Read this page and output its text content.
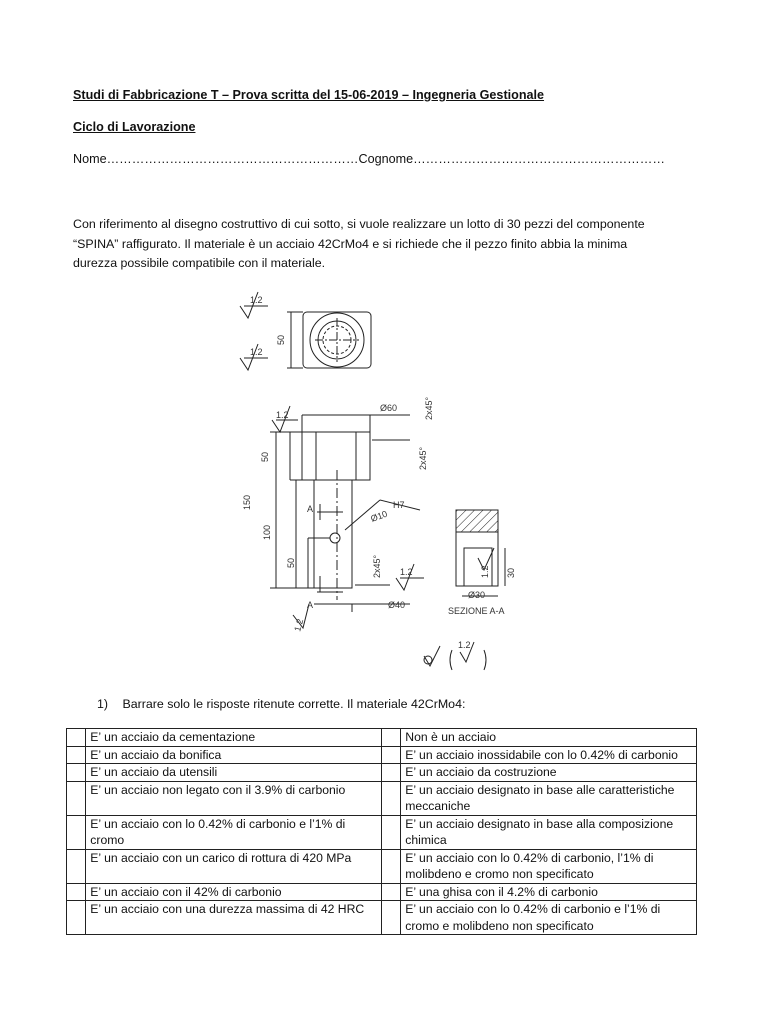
Studi di Fabbricazione T – Prova scritta del 15-06-2019 – Ingegneria Gestionale
Ciclo di Lavorazione
Nome……………………………………………………Cognome……………………………………………………
Con riferimento al disegno costruttivo di cui sotto, si vuole realizzare un lotto di 30 pezzi del componente
“SPINA” raffigurato. Il materiale è un acciaio 42CrMo4 e si richiede che il pezzo finito abbia la minima
durezza possibile compatibile con il materiale.
1.2
1.2
50
1.2
Ø60	2x45°
2x45°
150
50
100
50
A
A
H7
Ø10
2x45° 1.2
Ø40
1.2
1.2 30
Ø30
SEZIONE A-A
1.2
1) Barrare solo le risposte ritenute corrette. Il materiale 42CrMo4:
	E’ un acciaio da cementazione		Non è un acciaio
	E’ un acciaio da bonifica		E’ un acciaio inossidabile con lo 0.42% di carbonio
	E’ un acciaio da utensili		E’ un acciaio da costruzione
	E’ un acciaio non legato con il 3.9% di carbonio		E’ un acciaio designato in base alle caratteristiche meccaniche
	E’ un acciaio con lo 0.42% di carbonio e l’1% di cromo		E’ un acciaio designato in base alla composizione chimica
	E’ un acciaio con un carico di rottura di 420 MPa		E’ un acciaio con lo 0.42% di carbonio, l’1% di molibdeno e cromo non specificato
	E’ un acciaio con il 42% di carbonio		E’ una ghisa con il 4.2% di carbonio
	E’ un acciaio con una durezza massima di 42 HRC		E’ un acciaio con lo 0.42% di carbonio e l’1% di cromo e molibdeno non specificato
